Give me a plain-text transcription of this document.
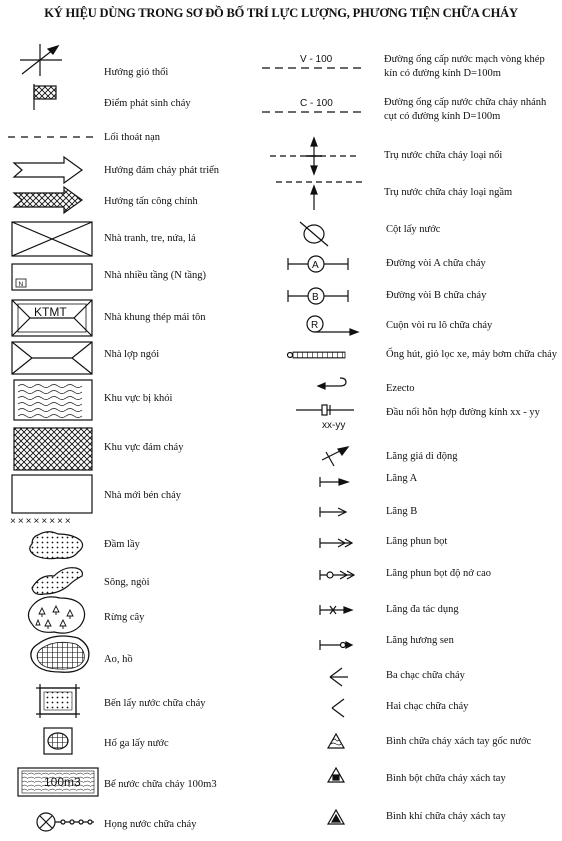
KÝ HIỆU DÙNG TRONG SƠ ĐỒ BỐ TRÍ LỰC LƯỢNG, PHƯƠNG TIỆN CHỮA CHÁY
Hướng gió thổi
Điểm phát sinh cháy
Lối thoát nạn
Hướng đám cháy phát triển
Hướng tấn công chính
Nhà tranh, tre, nứa, lá
Nhà nhiều tầng (N tầng)
Nhà khung thép mái tôn
Nhà lợp ngói
Khu vực bị khói
Khu vực đám cháy
Nhà mới bén cháy
Đầm lầy
Sông, ngòi
Rừng cây
Ao, hồ
Bến lấy nước chữa cháy
Hố ga lấy nước
Bể nước chữa cháy 100m3
Họng nước chữa cháy
Đường ống cấp nước mạch vòng khép kín có đường kính D=100m
Đường ống cấp nước chữa cháy nhánh cụt có đường kính D=100m
Trụ nước chữa cháy loại nổi
Trụ nước chữa cháy loại ngầm
Cột lấy nước
Đường vòi A chữa cháy
Đường vòi B chữa cháy
Cuộn vòi ru lô chữa cháy
Ống hút, giỏ lọc xe, máy bơm chữa cháy
Ezecto
Đầu nối hỗn hợp đường kính xx - yy
Lăng giá di động
Lăng A
Lăng B
Lăng phun bọt
Lăng phun bọt độ nở cao
Lăng đa tác dụng
Lăng hương sen
Ba chạc chữa cháy
Hai chạc chữa cháy
Bình chữa cháy xách tay gốc nước
Bình bột chữa cháy xách tay
Bình khí chữa cháy xách tay
××××××××
V - 100
C - 100
N
KTMT
A
B
R
xx-yy
100m3
